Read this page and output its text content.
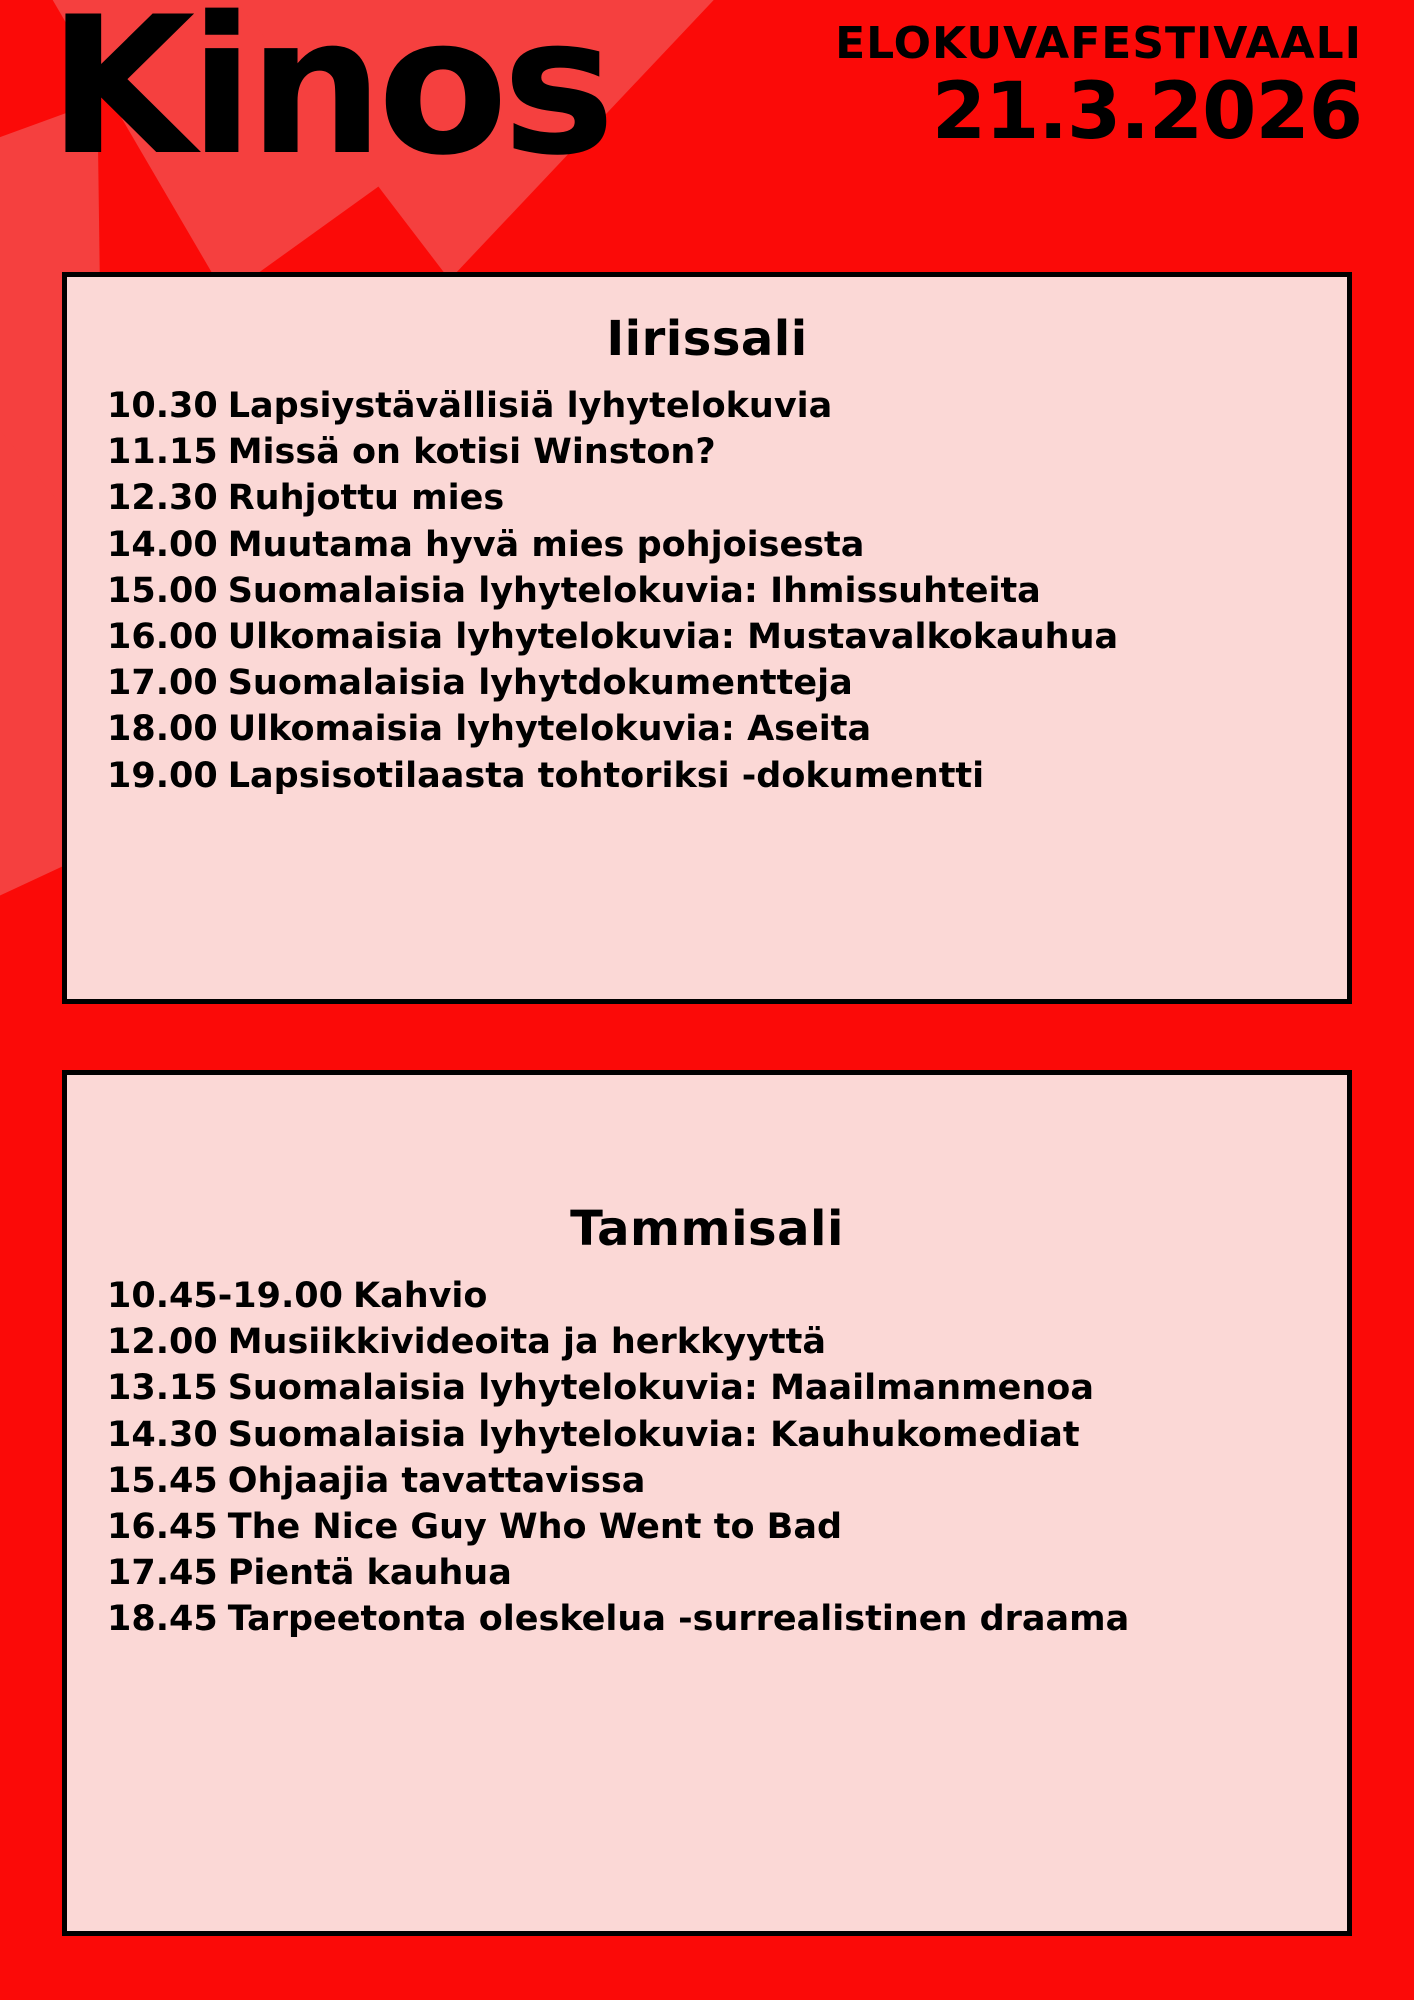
Kinos	ELOKUVAFESTIVAALI
21.3.2026
Iirissali
10.30 Lapsiystävällisiä lyhytelokuvia
11.15 Missä on kotisi Winston?
12.30 Ruhjottu mies
14.00 Muutama hyvä mies pohjoisesta
15.00 Suomalaisia lyhytelokuvia: Ihmissuhteita
16.00 Ulkomaisia lyhytelokuvia: Mustavalkokauhua
17.00 Suomalaisia lyhytdokumentteja
18.00 Ulkomaisia lyhytelokuvia: Aseita
19.00 Lapsisotilaasta tohtoriksi -dokumentti
Tammisali
10.45-19.00 Kahvio
12.00 Musiikkivideoita ja herkkyyttä
13.15 Suomalaisia lyhytelokuvia: Maailmanmenoa
14.30 Suomalaisia lyhytelokuvia: Kauhukomediat
15.45 Ohjaajia tavattavissa
16.45 The Nice Guy Who Went to Bad
17.45 Pientä kauhua
18.45 Tarpeetonta oleskelua -surrealistinen draama
